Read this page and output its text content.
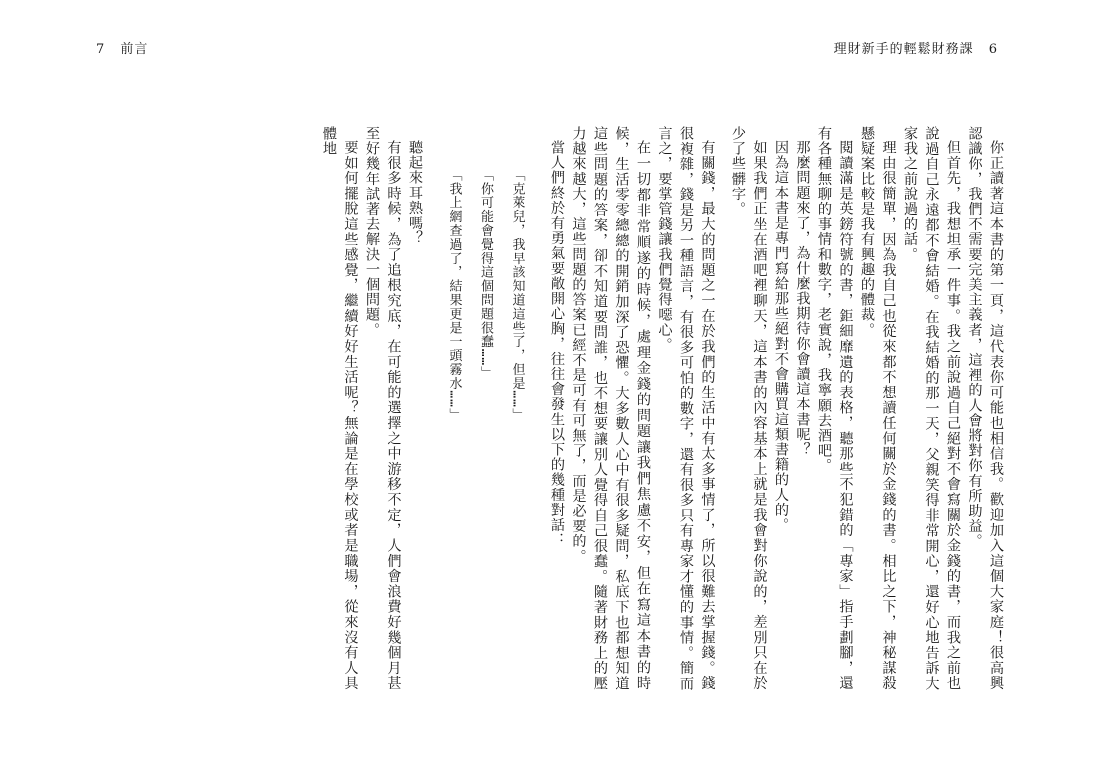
7 前言	理財新手的輕鬆財務課 6

你正讀著這本書的第一頁，這代表你可能也相信我。歡迎加入這個大家庭！很高興認識你，我們不需要完美主義者，這裡的人會將對你有所助益。

但首先，我想坦承一件事。我之前說過自己絕對不會寫關於金錢的書，而我之前也說過自己永遠都不會結婚。在我結婚的那一天，父親笑得非常開心，還好心地告訴大家我之前說過的話。

理由很簡單，因為我自己也從來都不想讀任何關於金錢的書。相比之下，神秘謀殺懸疑案比較是我有興趣的體裁。

閱讀滿是英鎊符號的書，鉅細靡遺的表格，聽那些不犯錯的「專家」指手劃腳，還有各種無聊的事情和數字，老實說，我寧願去酒吧。

那麼問題來了，為什麼我期待你會讀這本書呢？

因為這本書是專門寫給那些絕對不會購買這類書籍的人的。

如果我們正坐在酒吧裡聊天，這本書的內容基本上就是我會對你說的，差別只在於少了些髒字。

有關錢，最大的問題之一在於我們的生活中有太多事情了，所以很難去掌握錢。錢很複雜，錢是另一種語言，有很多可怕的數字，還有很多只有專家才懂的事情。簡而言之，要掌管錢讓我們覺得噁心。

在一切都非常順遂的時候，處理金錢的問題讓我們焦慮不安，但在寫這本書的時候，生活零零總總的開銷加深了恐懼。大多數人心中有很多疑問，私底下也都想知道這些問題的答案，卻不知道要問誰，也不想要讓別人覺得自己很蠢。隨著財務上的壓力越來越大，這些問題的答案已經不是可有可無了，而是必要的。

當人們終於有勇氣要敞開心胸，往往會發生以下的幾種對話：

「克萊兒，我早該知道這些了，但是……」
「你可能會覺得這個問題很蠢……」
「我上網查過了，結果更是一頭霧水……」

聽起來耳熟嗎？

有很多時候，為了追根究底，在可能的選擇之中游移不定，人們會浪費好幾個月甚至好幾年試著去解決一個問題。

要如何擺脫這些感覺，繼續好好生活呢？無論是在學校或者是職場，從來沒有人具體地
